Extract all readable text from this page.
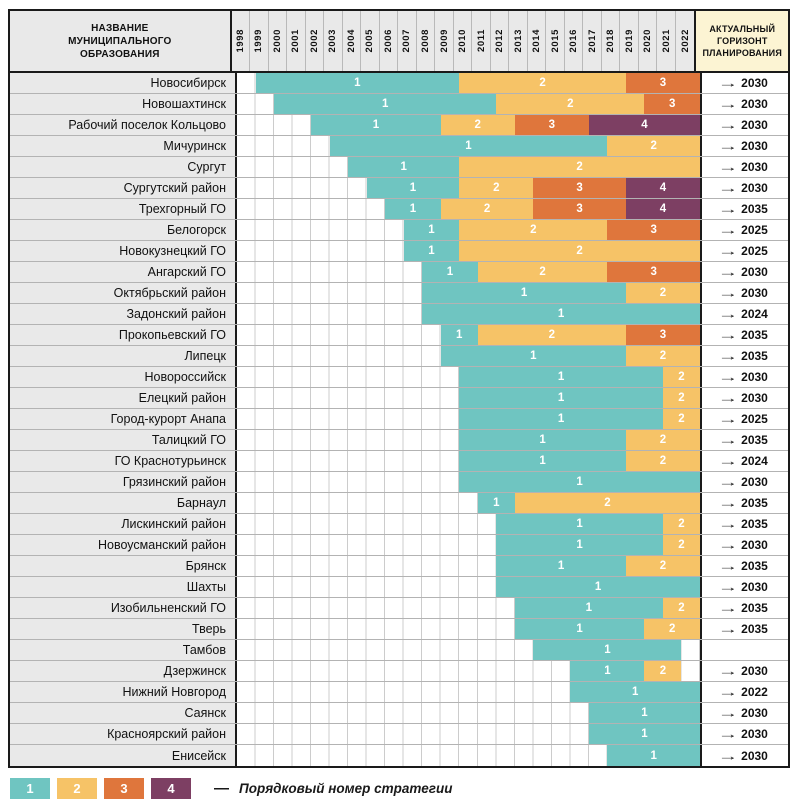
НАЗВАНИЕ МУНИЦИПАЛЬНОГО ОБРАЗОВАНИЯ
1998 1999 2000 2001 2002 2003 2004 2005 2006 2007 2008 2009 2010 2011 2012 2013 2014 2015 2016 2017 2018 2019 2020 2021 2022
АКТУАЛЬНЫЙ ГОРИЗОНТ ПЛАНИРОВАНИЯ
Новосибирск	1	2	3	→ 2030
Новошахтинск	1	2	3	→ 2030
Рабочий поселок Кольцово	1	2	3	4	→ 2030
Мичуринск	1	2	→ 2030
Сургут	1	2	→ 2030
Сургутский район	1	2	3	4	→ 2030
Трехгорный ГО	1	2	3	4	→ 2035
Белогорск	1	2	3	→ 2025
Новокузнецкий ГО	1	2	→ 2025
Ангарский ГО	1	2	3	→ 2030
Октябрьский район	1	2	→ 2030
Задонский район	1	→ 2024
Прокопьевский ГО	1	2	3	→ 2035
Липецк	1	2	→ 2035
Новороссийск	1	2	→ 2030
Елецкий район	1	2	→ 2030
Город-курорт Анапа	1	2	→ 2025
Талицкий ГО	1	2	→ 2035
ГО Краснотурьинск	1	2	→ 2024
Грязинский район	1	→ 2030
Барнаул	1	2	→ 2035
Лискинский район	1	2	→ 2035
Новоусманский район	1	2	→ 2030
Брянск	1	2	→ 2035
Шахты	1	→ 2030
Изобильненский ГО	1	2	→ 2035
Тверь	1	2	→ 2035
Тамбов	1
Дзержинск	1	2	→ 2030
Нижний Новгород	1	→ 2022
Саянск	1	→ 2030
Красноярский район	1	→ 2030
Енисейск	1	→ 2030
1	2	3	4	— Порядковый номер стратегии
